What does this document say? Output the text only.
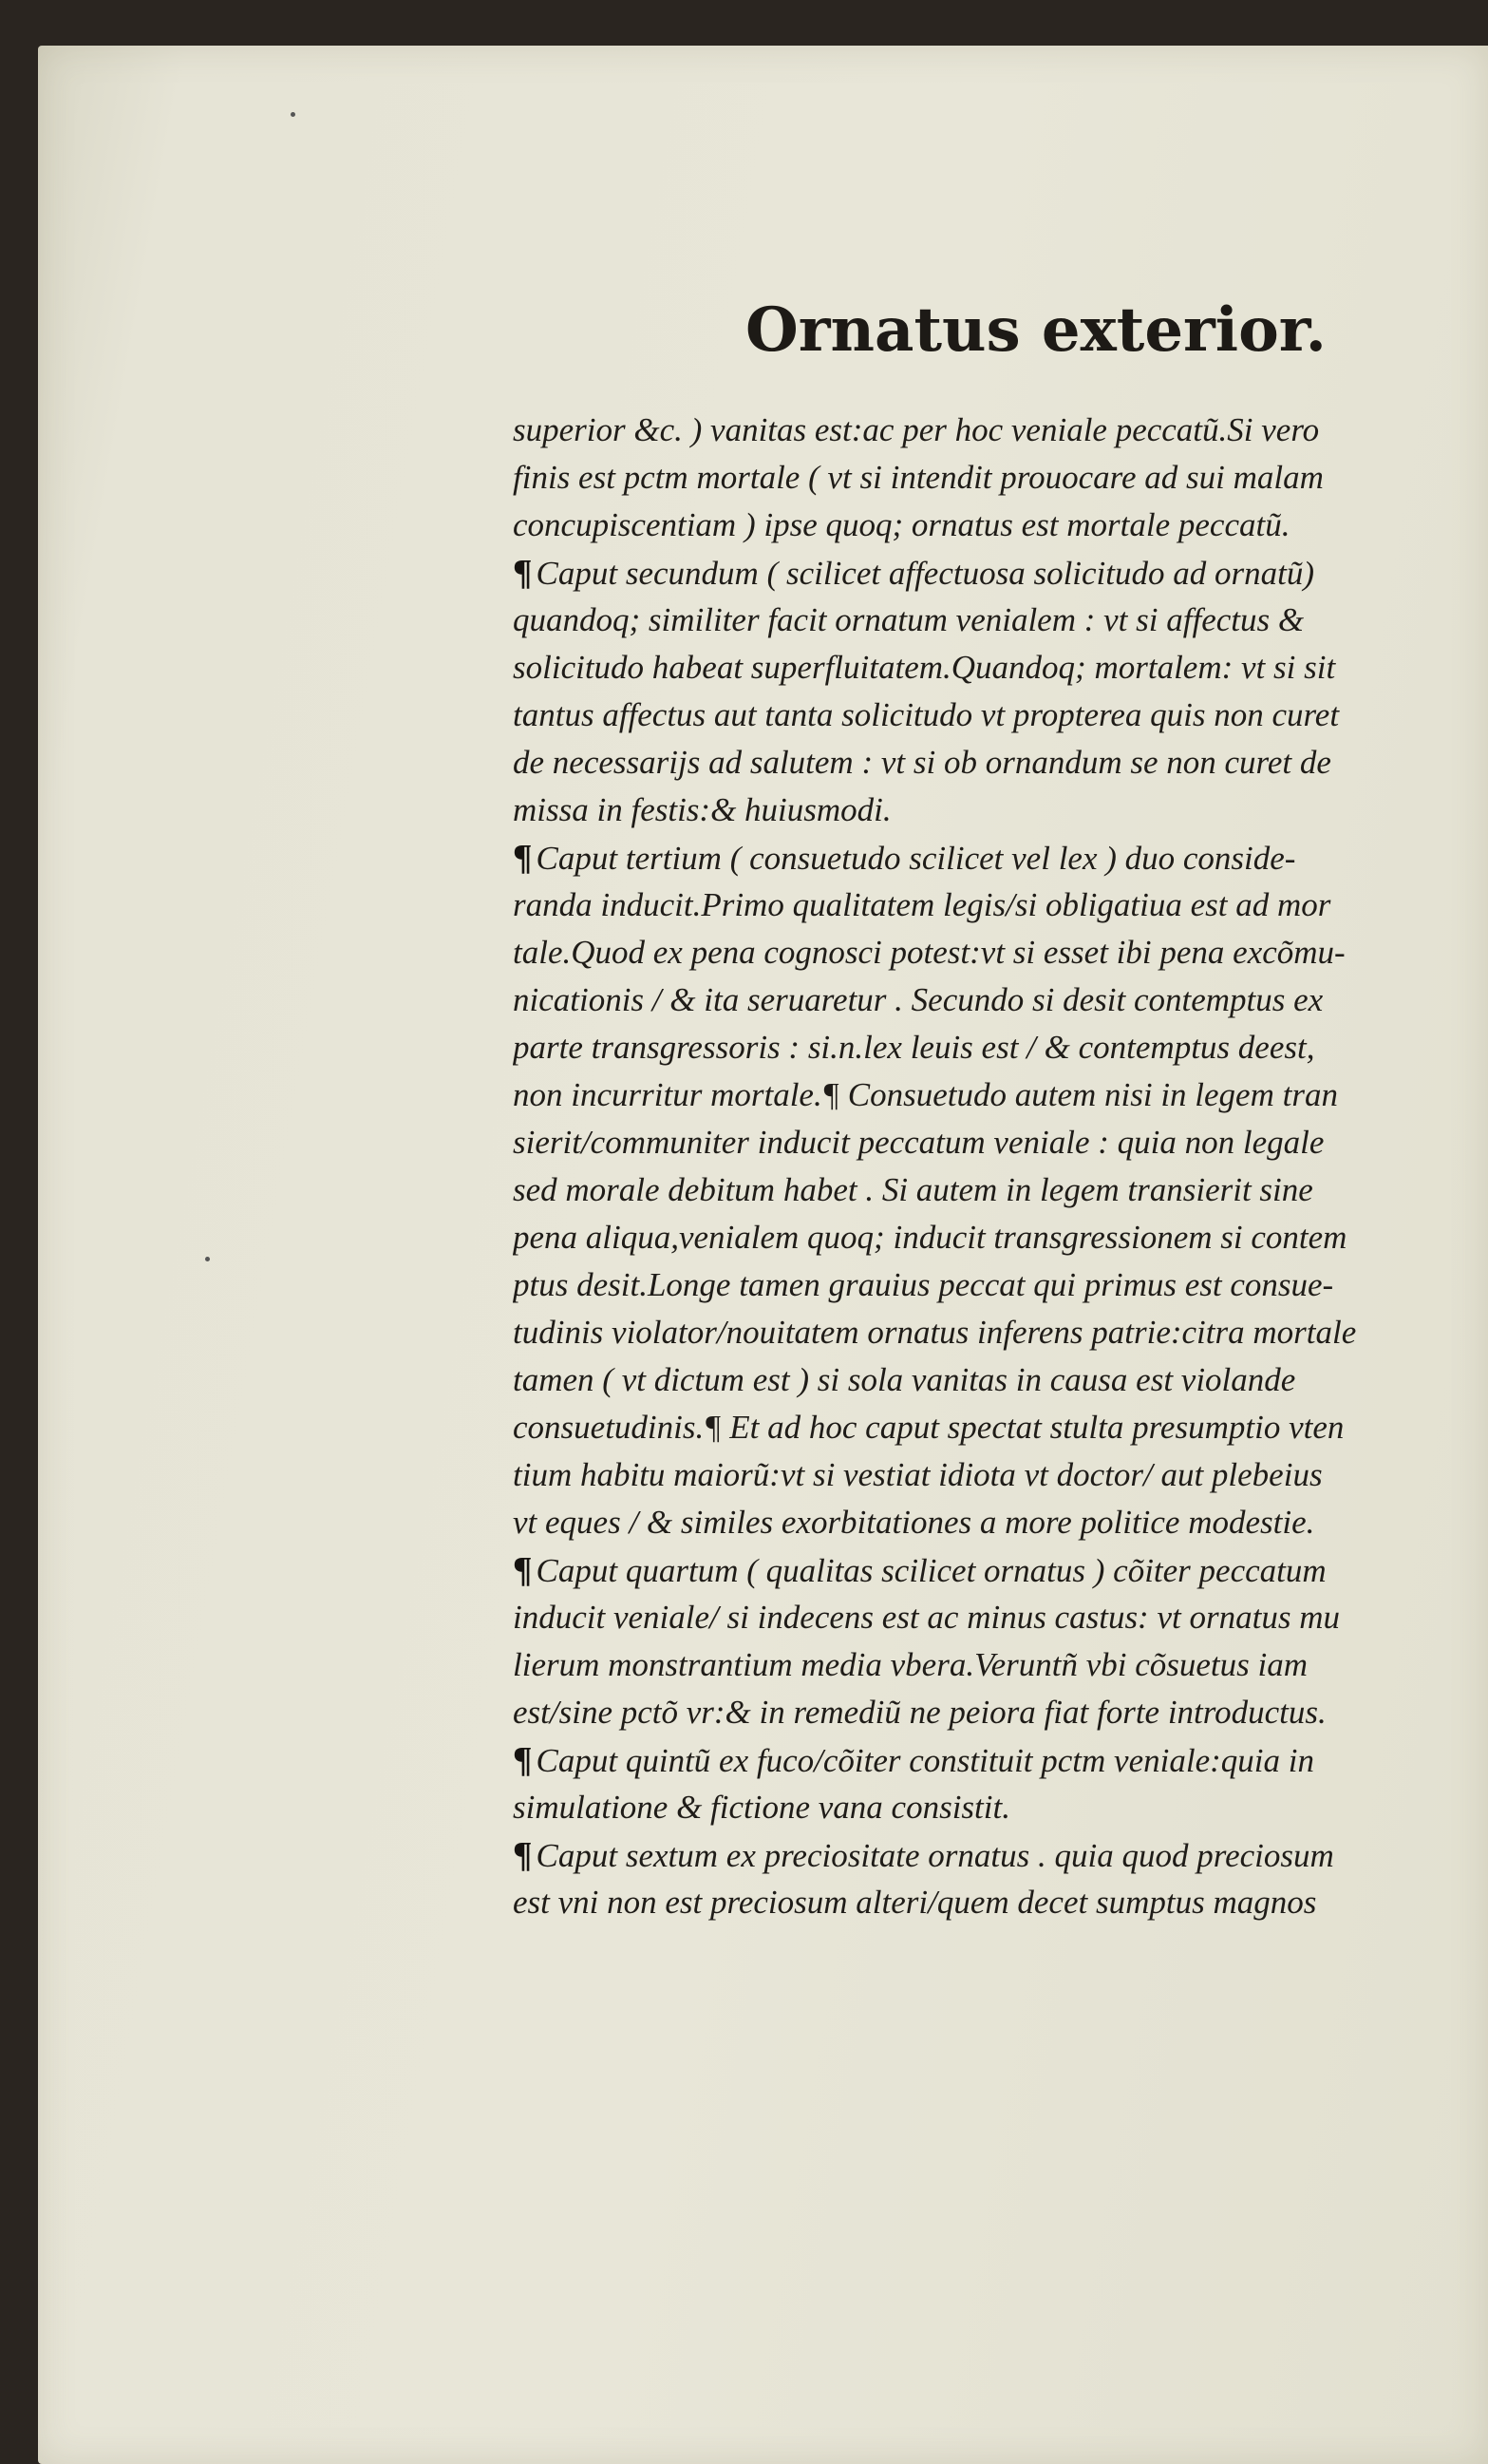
Ornatus exterior.
superior &c. ) vanitas est:ac per hoc veniale peccatũ.Si vero
finis est pctm mortale ( vt si intendit prouocare ad sui malam
concupiscentiam ) ipse quoq; ornatus est mortale peccatũ.
¶ Caput secundum ( scilicet affectuosa solicitudo ad ornatũ)
quandoq; similiter facit ornatum venialem : vt si affectus &
solicitudo habeat superfluitatem.Quandoq; mortalem: vt si sit
tantus affectus aut tanta solicitudo vt propterea quis non curet
de necessarijs ad salutem : vt si ob ornandum se non curet de
missa in festis:& huiusmodi.
¶ Caput tertium ( consuetudo scilicet vel lex ) duo conside-
randa inducit.Primo qualitatem legis/si obligatiua est ad mor
tale.Quod ex pena cognosci potest:vt si esset ibi pena excõmu-
nicationis / & ita seruaretur . Secundo si desit contemptus ex
parte transgressoris : si.n.lex leuis est / & contemptus deest,
non incurritur mortale.¶ Consuetudo autem nisi in legem tran
sierit/communiter inducit peccatum veniale : quia non legale
sed morale debitum habet . Si autem in legem transierit sine
pena aliqua,venialem quoq; inducit transgressionem si contem
ptus desit.Longe tamen grauius peccat qui primus est consue-
tudinis violator/nouitatem ornatus inferens patrie:citra mortale
tamen ( vt dictum est ) si sola vanitas in causa est violande
consuetudinis.¶ Et ad hoc caput spectat stulta presumptio vten
tium habitu maiorũ:vt si vestiat idiota vt doctor/ aut plebeius
vt eques / & similes exorbitationes a more politice modestie.
¶ Caput quartum ( qualitas scilicet ornatus ) cõiter peccatum
inducit veniale/ si indecens est ac minus castus: vt ornatus mu
lierum monstrantium media vbera.Veruntñ vbi cõsuetus iam
est/sine pctõ vr:& in remediũ ne peiora fiat forte introductus.
¶ Caput quintũ ex fuco/cõiter constituit pctm veniale:quia in
simulatione & fictione vana consistit.
¶ Caput sextum ex preciositate ornatus . quia quod preciosum
est vni non est preciosum alteri/quem decet sumptus magnos
